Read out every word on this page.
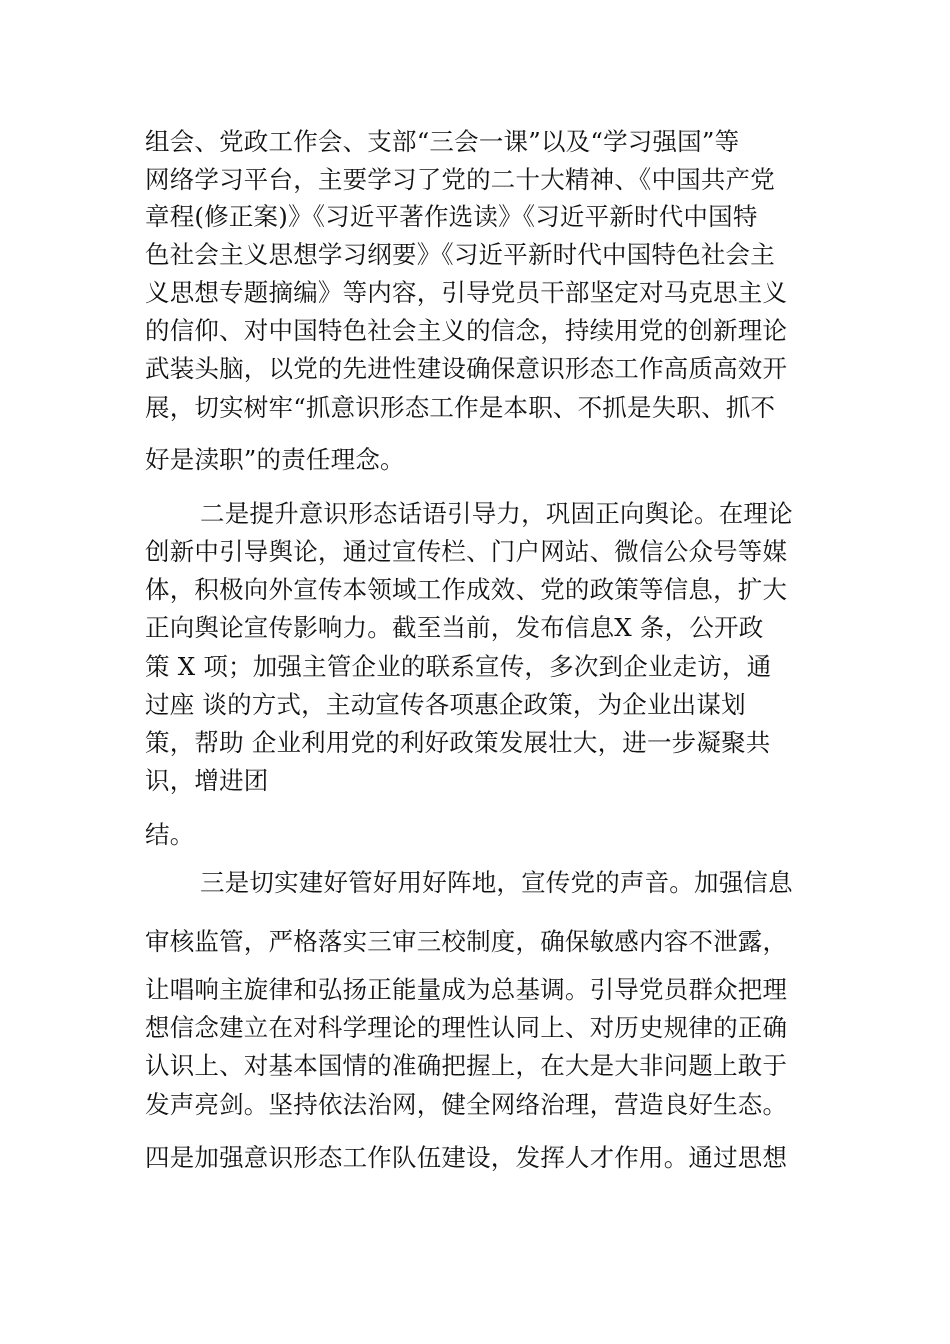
组会、党政工作会、支部“三会一课”以及“学习强国”等

网络学习平台，主要学习了党的二十大精神、《中国共产党

章程(修正案)》《习近平著作选读》《习近平新时代中国特

色社会主义思想学习纲要》《习近平新时代中国特色社会主

义思想专题摘编》等内容，引导党员干部坚定对马克思主义

的信仰、对中国特色社会主义的信念，持续用党的创新理论

武装头脑，以党的先进性建设确保意识形态工作高质高效开

展，切实树牢“抓意识形态工作是本职、不抓是失职、抓不

好是渎职”的责任理念。

二是提升意识形态话语引导力，巩固正向舆论。在理论

创新中引导舆论，通过宣传栏、门户网站、微信公众号等媒

体，积极向外宣传本领域工作成效、党的政策等信息，扩大

正向舆论宣传影响力。截至当前，发布信息X 条，公开政

策 X 项；加强主管企业的联系宣传，多次到企业走访，通

过座 谈的方式，主动宣传各项惠企政策，为企业出谋划

策，帮助 企业利用党的利好政策发展壮大，进一步凝聚共

识，增进团

结。

三是切实建好管好用好阵地，宣传党的声音。加强信息

审核监管，严格落实三审三校制度，确保敏感内容不泄露，

让唱响主旋律和弘扬正能量成为总基调。引导党员群众把理

想信念建立在对科学理论的理性认同上、对历史规律的正确

认识上、对基本国情的准确把握上，在大是大非问题上敢于

发声亮剑。坚持依法治网，健全网络治理，营造良好生态。

四是加强意识形态工作队伍建设，发挥人才作用。通过思想
